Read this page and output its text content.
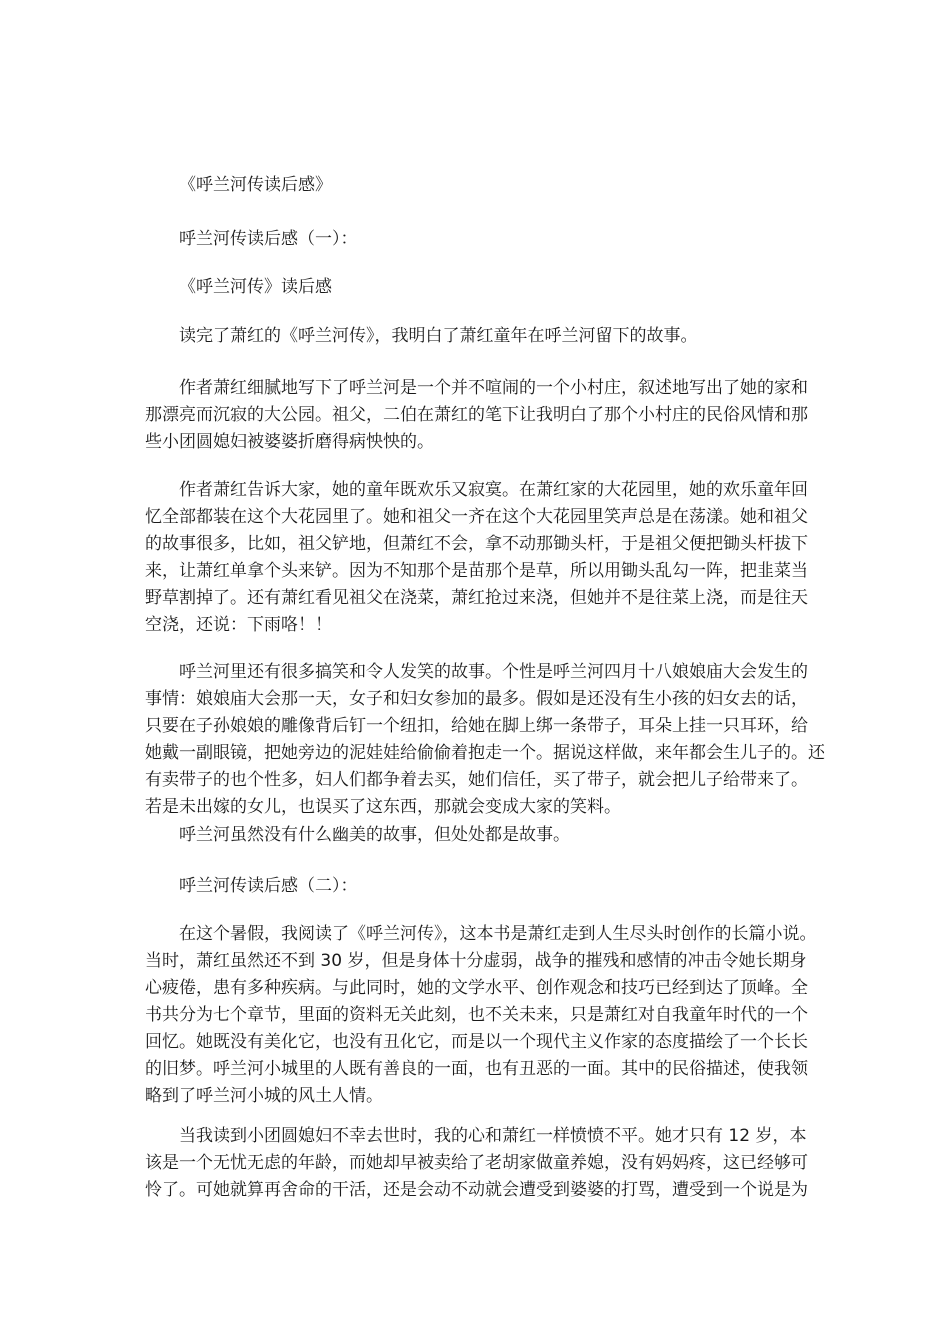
《呼兰河传读后感》
呼兰河传读后感（一）：
《呼兰河传》读后感
读完了萧红的《呼兰河传》，我明白了萧红童年在呼兰河留下的故事。
作者萧红细腻地写下了呼兰河是一个并不喧闹的一个小村庄，叙述地写出了她的家和
那漂亮而沉寂的大公园。祖父，二伯在萧红的笔下让我明白了那个小村庄的民俗风情和那
些小团圆媳妇被婆婆折磨得病怏怏的。
作者萧红告诉大家，她的童年既欢乐又寂寞。在萧红家的大花园里，她的欢乐童年回
忆全部都装在这个大花园里了。她和祖父一齐在这个大花园里笑声总是在荡漾。她和祖父
的故事很多，比如，祖父铲地，但萧红不会，拿不动那锄头杆，于是祖父便把锄头杆拔下
来，让萧红单拿个头来铲。因为不知那个是苗那个是草，所以用锄头乱勾一阵，把韭菜当
野草割掉了。还有萧红看见祖父在浇菜，萧红抢过来浇，但她并不是往菜上浇，而是往天
空浇，还说：下雨咯！！
呼兰河里还有很多搞笑和令人发笑的故事。个性是呼兰河四月十八娘娘庙大会发生的
事情：娘娘庙大会那一天，女子和妇女参加的最多。假如是还没有生小孩的妇女去的话，
只要在子孙娘娘的雕像背后钉一个纽扣，给她在脚上绑一条带子，耳朵上挂一只耳环，给
她戴一副眼镜，把她旁边的泥娃娃给偷偷着抱走一个。据说这样做，来年都会生儿子的。还
有卖带子的也个性多，妇人们都争着去买，她们信任，买了带子，就会把儿子给带来了。
若是未出嫁的女儿，也误买了这东西，那就会变成大家的笑料。
呼兰河虽然没有什么幽美的故事，但处处都是故事。
呼兰河传读后感（二）：
在这个暑假，我阅读了《呼兰河传》，这本书是萧红走到人生尽头时创作的长篇小说。
当时，萧红虽然还不到 30 岁，但是身体十分虚弱，战争的摧残和感情的冲击令她长期身
心疲倦，患有多种疾病。与此同时，她的文学水平、创作观念和技巧已经到达了顶峰。全
书共分为七个章节，里面的资料无关此刻，也不关未来，只是萧红对自我童年时代的一个
回忆。她既没有美化它，也没有丑化它，而是以一个现代主义作家的态度描绘了一个长长
的旧梦。呼兰河小城里的人既有善良的一面，也有丑恶的一面。其中的民俗描述，使我领
略到了呼兰河小城的风土人情。
当我读到小团圆媳妇不幸去世时，我的心和萧红一样愤愤不平。她才只有 12 岁，本
该是一个无忧无虑的年龄，而她却早被卖给了老胡家做童养媳，没有妈妈疼，这已经够可
怜了。可她就算再舍命的干活，还是会动不动就会遭受到婆婆的打骂，遭受到一个说是为
